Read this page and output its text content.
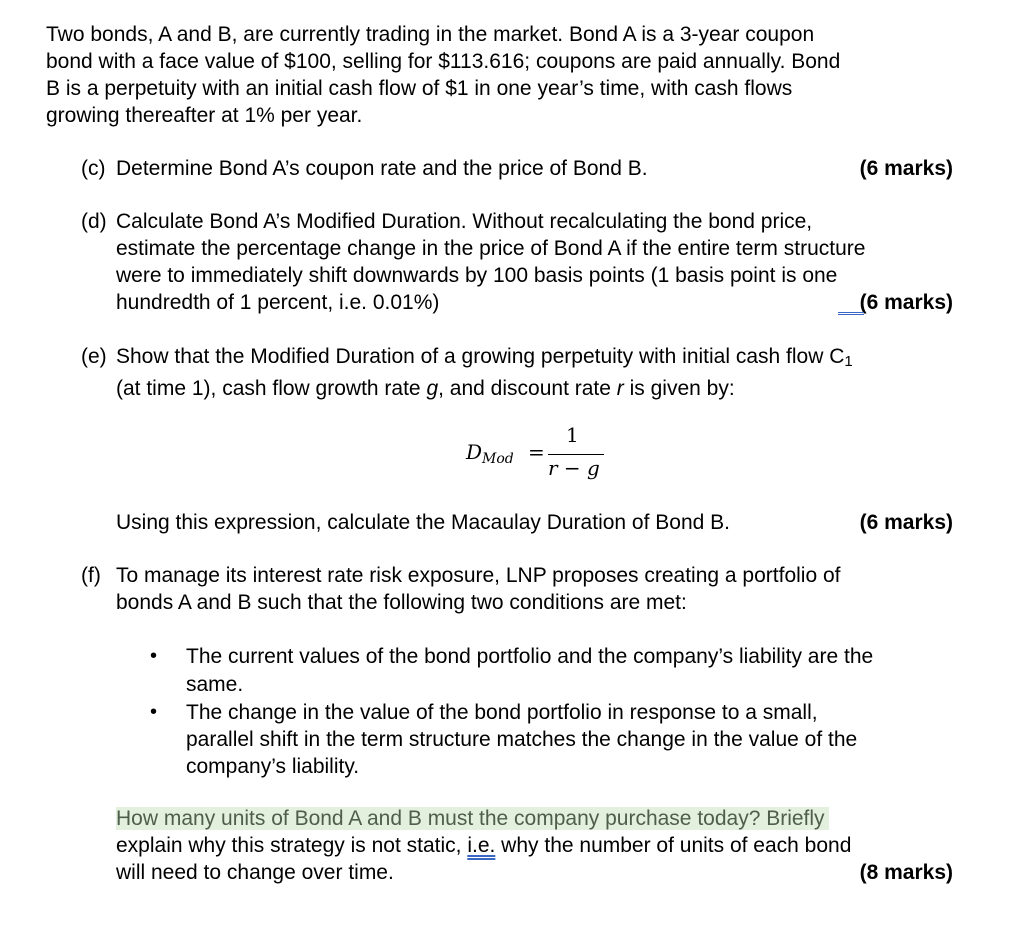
Two bonds, A and B, are currently trading in the market. Bond A is a 3-year coupon
bond with a face value of $100, selling for $113.616; coupons are paid annually. Bond
B is a perpetuity with an initial cash flow of $1 in one year’s time, with cash flows
growing thereafter at 1% per year.
(c) Determine Bond A’s coupon rate and the price of Bond B.	(6 marks)
(d) Calculate Bond A’s Modified Duration. Without recalculating the bond price,
estimate the percentage change in the price of Bond A if the entire term structure
were to immediately shift downwards by 100 basis points (1 basis point is one
hundredth of 1 percent, i.e. 0.01%)	(6 marks)
(e) Show that the Modified Duration of a growing perpetuity with initial cash flow $C_1$
(at time 1), cash flow growth rate g, and discount rate r is given by:
$D_{Mod}$ =
1
r − g
Using this expression, calculate the Macaulay Duration of Bond B.	(6 marks)
(f) To manage its interest rate risk exposure, LNP proposes creating a portfolio of
bonds A and B such that the following two conditions are met:
• The current values of the bond portfolio and the company’s liability are the
same.
• The change in the value of the bond portfolio in response to a small,
parallel shift in the term structure matches the change in the value of the
company’s liability.
How many units of Bond A and B must the company purchase today? Briefly
explain why this strategy is not static, i.e. why the number of units of each bond
will need to change over time.	(8 marks)
